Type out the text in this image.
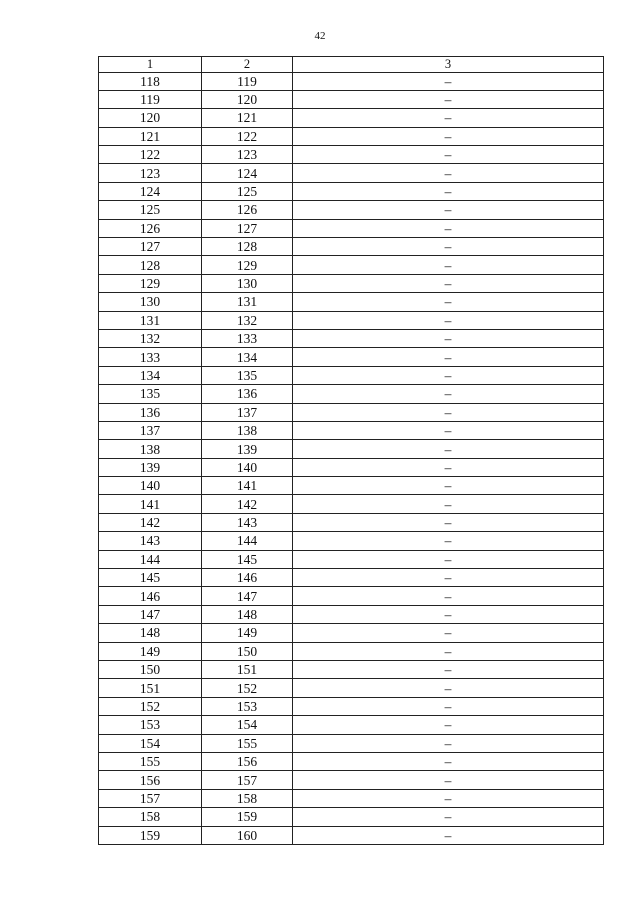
42
1	2	3
118	119	–
119	120	–
120	121	–
121	122	–
122	123	–
123	124	–
124	125	–
125	126	–
126	127	–
127	128	–
128	129	–
129	130	–
130	131	–
131	132	–
132	133	–
133	134	–
134	135	–
135	136	–
136	137	–
137	138	–
138	139	–
139	140	–
140	141	–
141	142	–
142	143	–
143	144	–
144	145	–
145	146	–
146	147	–
147	148	–
148	149	–
149	150	–
150	151	–
151	152	–
152	153	–
153	154	–
154	155	–
155	156	–
156	157	–
157	158	–
158	159	–
159	160	–
